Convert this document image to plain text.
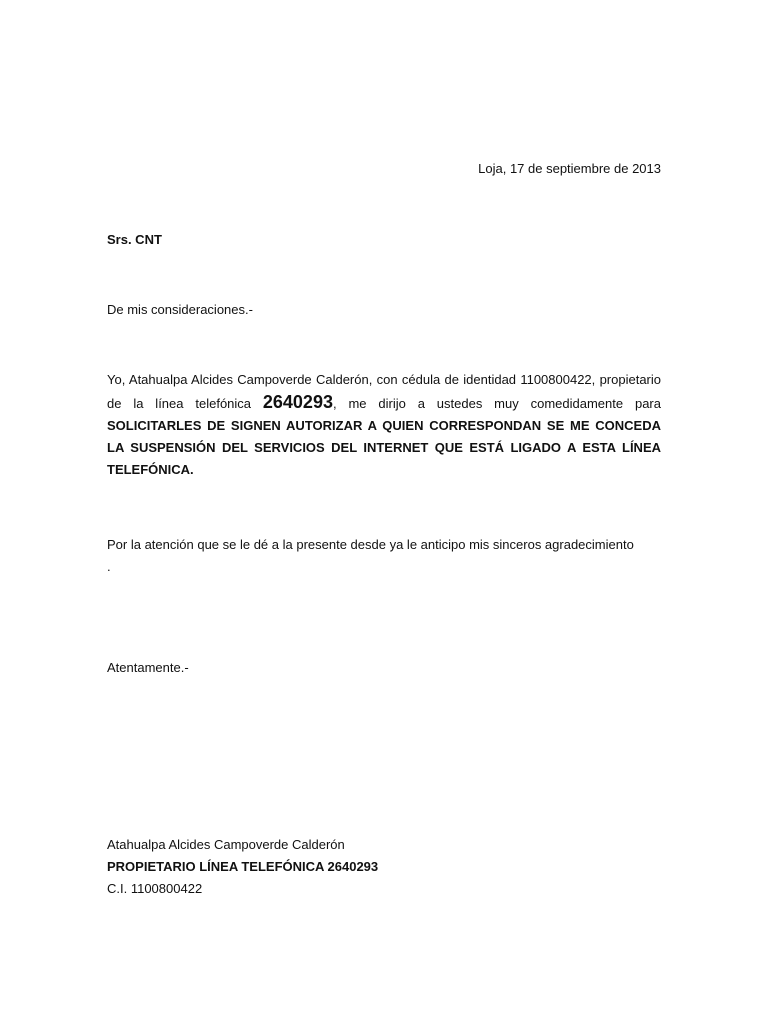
Loja, 17 de septiembre de 2013
Srs. CNT
De mis consideraciones.-
Yo, Atahualpa Alcides Campoverde Calderón, con cédula de identidad 1100800422, propietario de la línea telefónica 2640293, me dirijo a ustedes muy comedidamente para SOLICITARLES DE SIGNEN AUTORIZAR A QUIEN CORRESPONDAN SE ME CONCEDA LA SUSPENSIÓN DEL SERVICIOS DEL INTERNET QUE ESTÁ LIGADO A ESTA LÍNEA TELEFÓNICA.
Por la atención que se le dé a la presente desde ya le anticipo mis sinceros agradecimiento
.
Atentamente.-
Atahualpa Alcides Campoverde Calderón
PROPIETARIO LÍNEA TELEFÓNICA 2640293
C.I. 1100800422
